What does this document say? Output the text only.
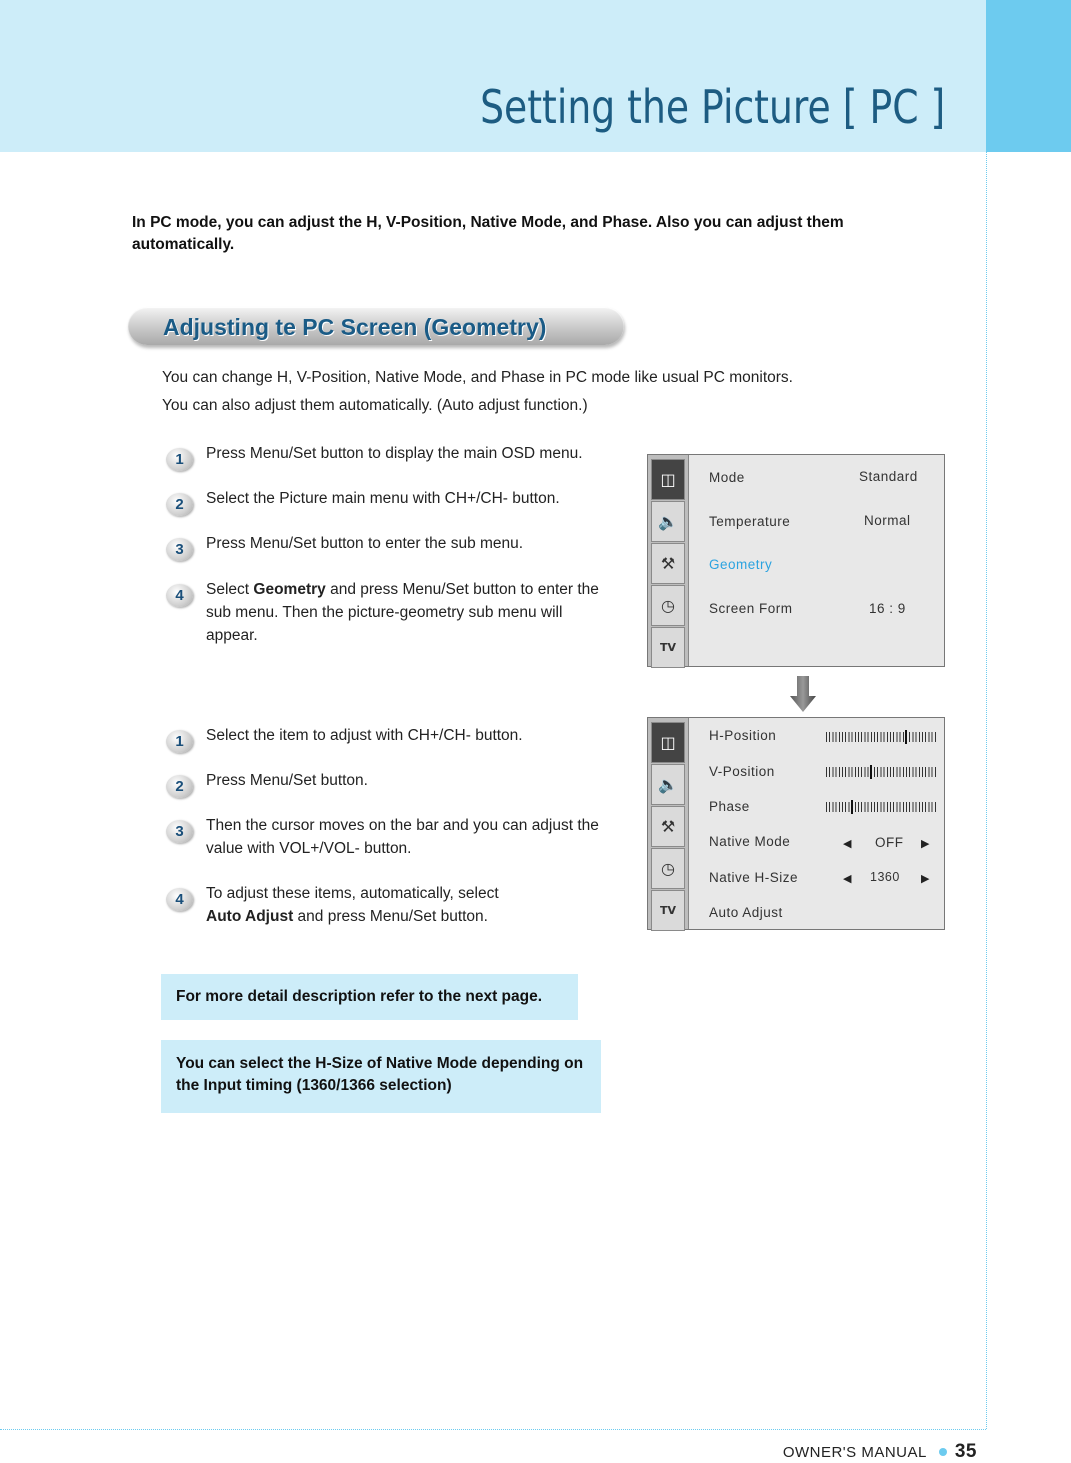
Setting the Picture [ PC ]
In PC mode, you can adjust the H, V-Position, Native Mode, and Phase. Also you can adjust them automatically.
Adjusting te PC Screen (Geometry)
You can change H, V-Position, Native Mode, and Phase in PC mode like usual PC monitors.
You can also adjust them automatically. (Auto adjust function.)
1	Press Menu/Set button to display the main OSD menu.
2	Select the Picture main menu with CH+/CH- button.
3	Press Menu/Set button to enter the sub menu.
4	Select Geometry and press Menu/Set button to enter the sub menu. Then the picture-geometry sub menu will appear.
1	Select the item to adjust with CH+/CH- button.
2	Press Menu/Set button.
3	Then the cursor moves on the bar and you can adjust the value with VOL+/VOL- button.
4	To adjust these items, automatically, select
Auto Adjust and press Menu/Set button.
◫
🔈
⚒
◷
TV
Mode	Standard
Temperature	Normal
Geometry
Screen Form	16 : 9
◫
🔈
⚒
◷
TV
H-Position
V-Position
Phase
Native Mode	◀ OFF ▶
Native H-Size	◀ 1360 ▶
Auto Adjust
For more detail description refer to the next page.
You can select the H-Size of Native Mode depending on the Input timing (1360/1366 selection)
OWNER'S MANUAL 35
